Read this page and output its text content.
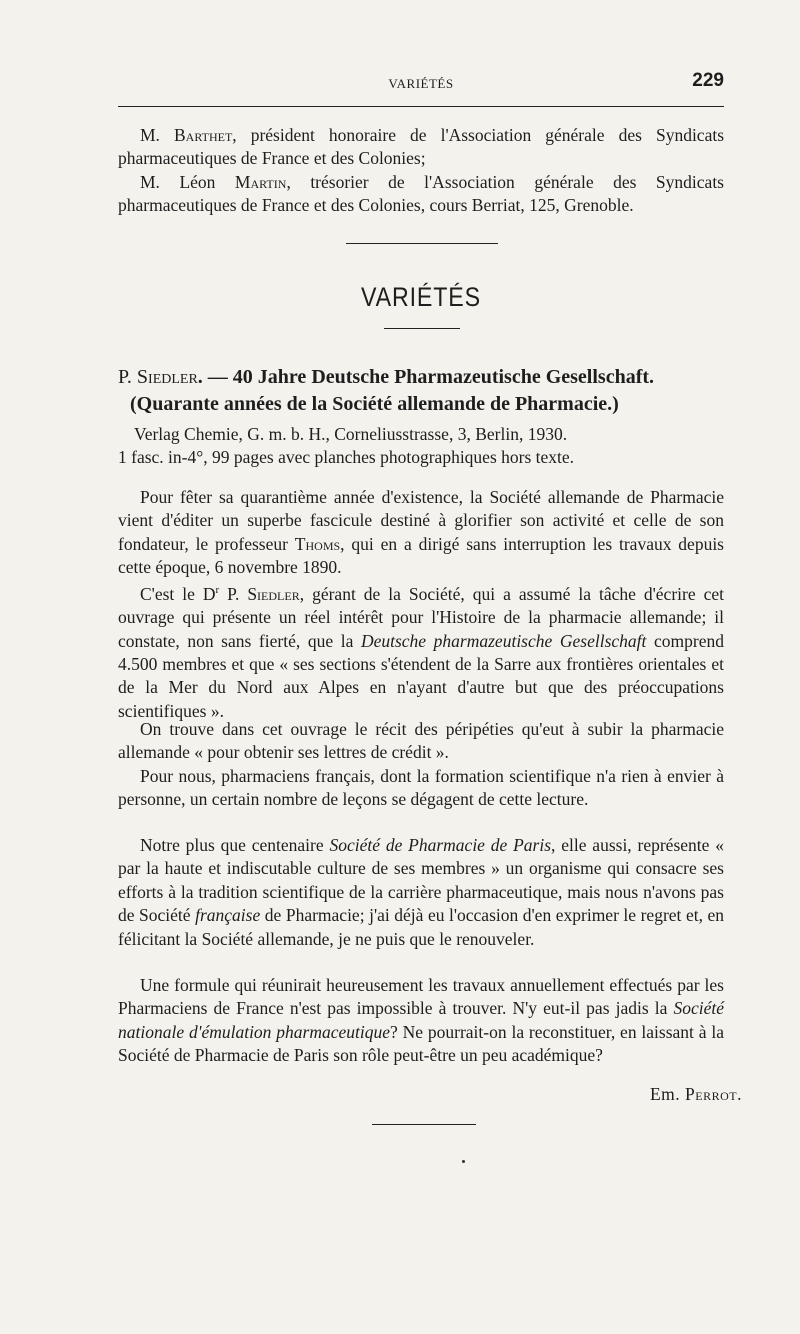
VARIÉTÉS	229

M. Barthet, président honoraire de l'Association générale des Syndicats pharmaceutiques de France et des Colonies;

M. Léon Martin, trésorier de l'Association générale des Syndicats pharmaceutiques de France et des Colonies, cours Berriat, 125, Grenoble.

VARIÉTÉS
P. Siedler. — 40 Jahre Deutsche Pharmazeutische Gesellschaft.
(Quarante années de la Société allemande de Pharmacie.)
Verlag Chemie, G. m. b. H., Corneliusstrasse, 3, Berlin, 1930.
1 fasc. in-4°, 99 pages avec planches photographiques hors texte.

Pour fêter sa quarantième année d'existence, la Société allemande de Pharmacie vient d'éditer un superbe fascicule destiné à glorifier son activité et celle de son fondateur, le professeur Thoms, qui en a dirigé sans interruption les travaux depuis cette époque, 6 novembre 1890.

C'est le $D^r$ P. Siedler, gérant de la Société, qui a assumé la tâche d'écrire cet ouvrage qui présente un réel intérêt pour l'Histoire de la pharmacie allemande; il constate, non sans fierté, que la Deutsche pharmazeutische Gesellschaft comprend 4.500 membres et que « ses sections s'étendent de la Sarre aux frontières orientales et de la Mer du Nord aux Alpes en n'ayant d'autre but que des préoccupations scientifiques ».

On trouve dans cet ouvrage le récit des péripéties qu'eut à subir la pharmacie allemande « pour obtenir ses lettres de crédit ».

Pour nous, pharmaciens français, dont la formation scientifique n'a rien à envier à personne, un certain nombre de leçons se dégagent de cette lecture.

Notre plus que centenaire Société de Pharmacie de Paris, elle aussi, représente « par la haute et indiscutable culture de ses membres » un organisme qui consacre ses efforts à la tradition scientifique de la carrière pharmaceutique, mais nous n'avons pas de Société française de Pharmacie; j'ai déjà eu l'occasion d'en exprimer le regret et, en félicitant la Société allemande, je ne puis que le renouveler.

Une formule qui réunirait heureusement les travaux annuellement effectués par les Pharmaciens de France n'est pas impossible à trouver. N'y eut-il pas jadis la Société nationale d'émulation pharmaceutique? Ne pourrait-on la reconstituer, en laissant à la Société de Pharmacie de Paris son rôle peut-être un peu académique?

Em. Perrot.
